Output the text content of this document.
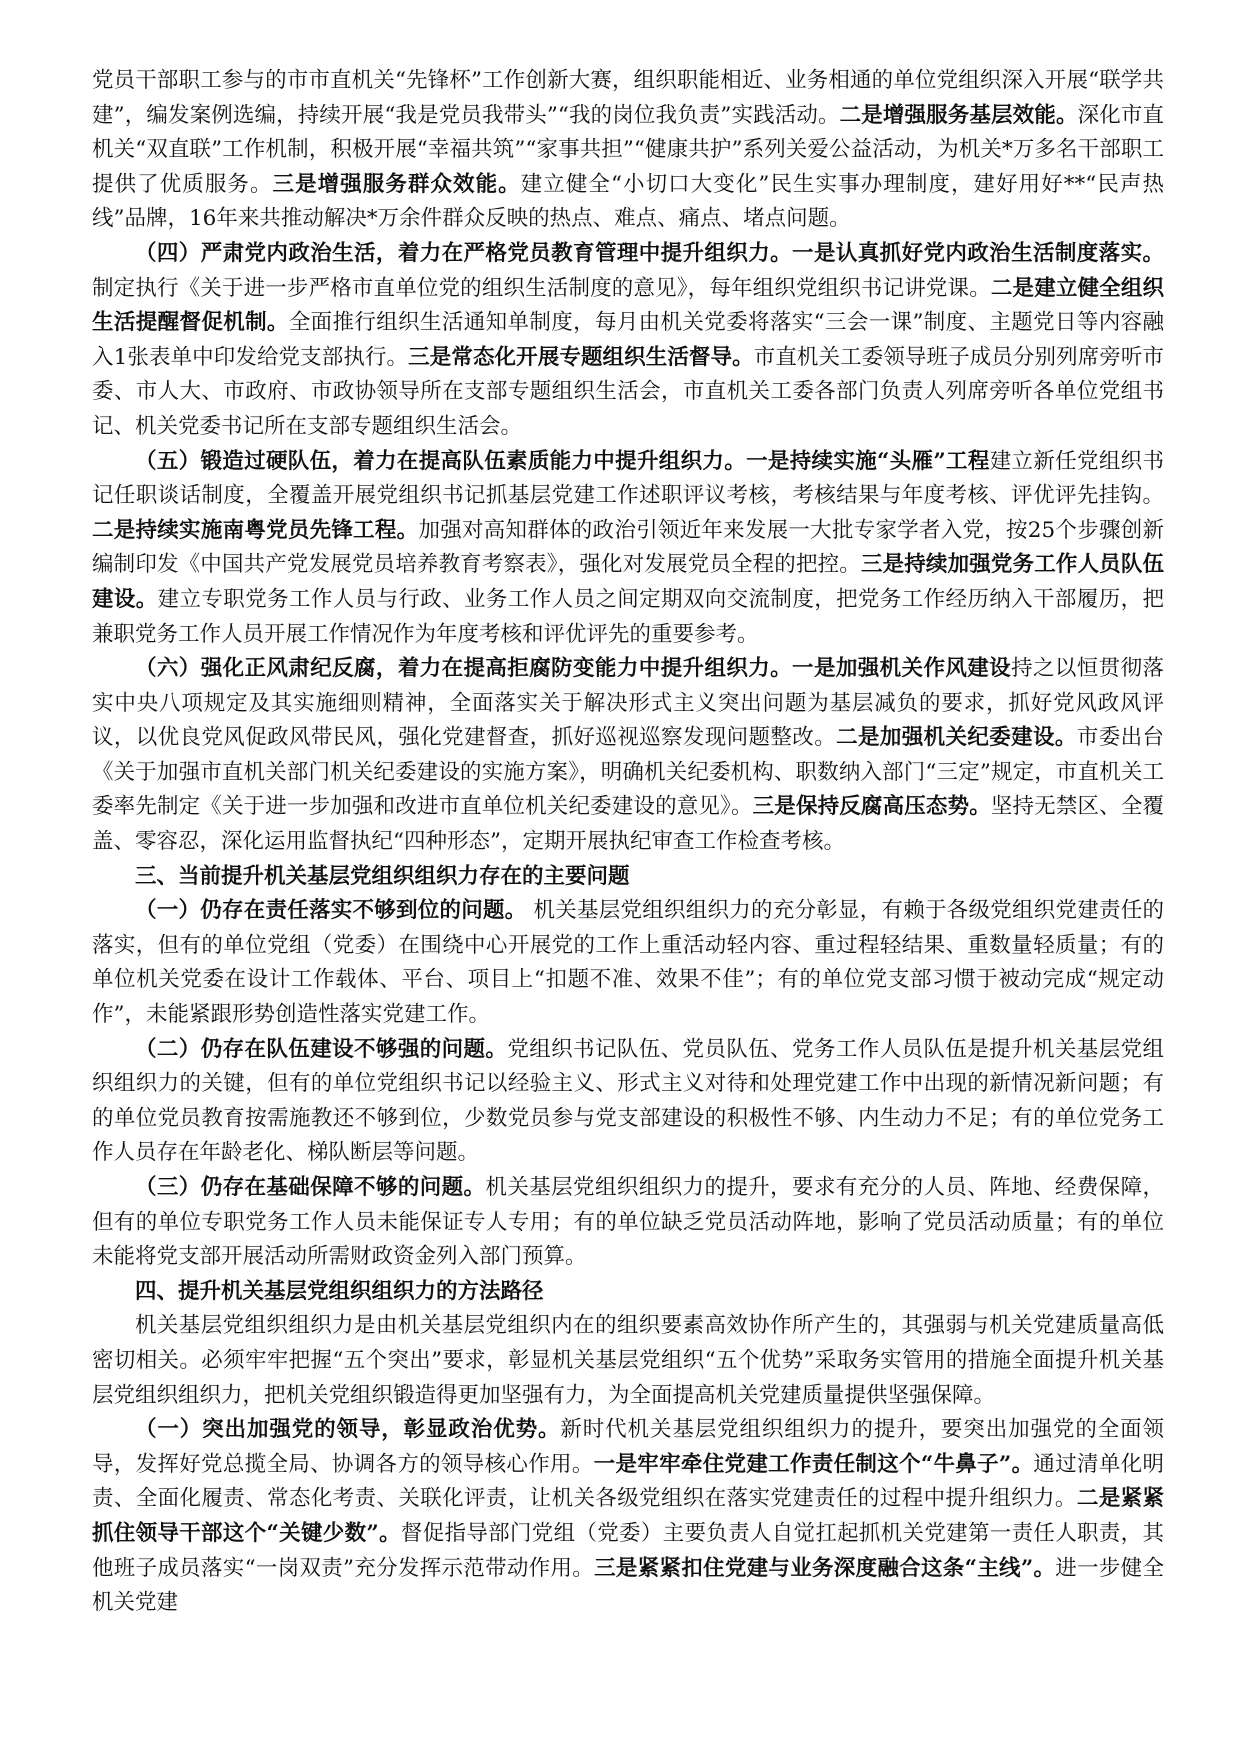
党员干部职工参与的市市直机关“先锋杯”工作创新大赛，组织职能相近、业务相通的单位党组织深入开展“联学共建”，编发案例选编，持续开展“我是党员我带头”“我的岗位我负责”实践活动。二是增强服务基层效能。深化市直机关“双直联”工作机制，积极开展“幸福共筑”“家事共担”“健康共护”系列关爱公益活动，为机关*万多名干部职工提供了优质服务。三是增强服务群众效能。建立健全“小切口大变化”民生实事办理制度，建好用好**“民声热线”品牌，16年来共推动解决*万余件群众反映的热点、难点、痛点、堵点问题。

（四）严肃党内政治生活，着力在严格党员教育管理中提升组织力。一是认真抓好党内政治生活制度落实。制定执行《关于进一步严格市直单位党的组织生活制度的意见》，每年组织党组织书记讲党课。二是建立健全组织生活提醒督促机制。全面推行组织生活通知单制度，每月由机关党委将落实“三会一课”制度、主题党日等内容融入1张表单中印发给党支部执行。三是常态化开展专题组织生活督导。市直机关工委领导班子成员分别列席旁听市委、市人大、市政府、市政协领导所在支部专题组织生活会，市直机关工委各部门负责人列席旁听各单位党组书记、机关党委书记所在支部专题组织生活会。

（五）锻造过硬队伍，着力在提高队伍素质能力中提升组织力。一是持续实施“头雁”工程建立新任党组织书记任职谈话制度，全覆盖开展党组织书记抓基层党建工作述职评议考核，考核结果与年度考核、评优评先挂钩。二是持续实施南粤党员先锋工程。加强对高知群体的政治引领近年来发展一大批专家学者入党，按25个步骤创新编制印发《中国共产党发展党员培养教育考察表》，强化对发展党员全程的把控。三是持续加强党务工作人员队伍建设。建立专职党务工作人员与行政、业务工作人员之间定期双向交流制度，把党务工作经历纳入干部履历，把兼职党务工作人员开展工作情况作为年度考核和评优评先的重要参考。

（六）强化正风肃纪反腐，着力在提高拒腐防变能力中提升组织力。一是加强机关作风建设持之以恒贯彻落实中央八项规定及其实施细则精神，全面落实关于解决形式主义突出问题为基层减负的要求，抓好党风政风评议，以优良党风促政风带民风，强化党建督查，抓好巡视巡察发现问题整改。二是加强机关纪委建设。市委出台《关于加强市直机关部门机关纪委建设的实施方案》，明确机关纪委机构、职数纳入部门“三定”规定，市直机关工委率先制定《关于进一步加强和改进市直单位机关纪委建设的意见》。三是保持反腐高压态势。坚持无禁区、全覆盖、零容忍，深化运用监督执纪“四种形态”，定期开展执纪审查工作检查考核。

三、当前提升机关基层党组织组织力存在的主要问题

（一）仍存在责任落实不够到位的问题。 机关基层党组织组织力的充分彰显，有赖于各级党组织党建责任的落实，但有的单位党组（党委）在围绕中心开展党的工作上重活动轻内容、重过程轻结果、重数量轻质量；有的单位机关党委在设计工作载体、平台、项目上“扣题不准、效果不佳”；有的单位党支部习惯于被动完成“规定动作”，未能紧跟形势创造性落实党建工作。

（二）仍存在队伍建设不够强的问题。党组织书记队伍、党员队伍、党务工作人员队伍是提升机关基层党组织组织力的关键，但有的单位党组织书记以经验主义、形式主义对待和处理党建工作中出现的新情况新问题；有的单位党员教育按需施教还不够到位，少数党员参与党支部建设的积极性不够、内生动力不足；有的单位党务工作人员存在年龄老化、梯队断层等问题。

（三）仍存在基础保障不够的问题。机关基层党组织组织力的提升，要求有充分的人员、阵地、经费保障，但有的单位专职党务工作人员未能保证专人专用；有的单位缺乏党员活动阵地，影响了党员活动质量；有的单位未能将党支部开展活动所需财政资金列入部门预算。

四、提升机关基层党组织组织力的方法路径

机关基层党组织组织力是由机关基层党组织内在的组织要素高效协作所产生的，其强弱与机关党建质量高低密切相关。必须牢牢把握“五个突出”要求，彰显机关基层党组织“五个优势”采取务实管用的措施全面提升机关基层党组织组织力，把机关党组织锻造得更加坚强有力，为全面提高机关党建质量提供坚强保障。

（一）突出加强党的领导，彰显政治优势。新时代机关基层党组织组织力的提升，要突出加强党的全面领导，发挥好党总揽全局、协调各方的领导核心作用。一是牢牢牵住党建工作责任制这个“牛鼻子”。通过清单化明责、全面化履责、常态化考责、关联化评责，让机关各级党组织在落实党建责任的过程中提升组织力。二是紧紧抓住领导干部这个“关键少数”。督促指导部门党组（党委）主要负责人自觉扛起抓机关党建第一责任人职责，其他班子成员落实“一岗双责”充分发挥示范带动作用。三是紧紧扣住党建与业务深度融合这条“主线”。进一步健全机关党建
